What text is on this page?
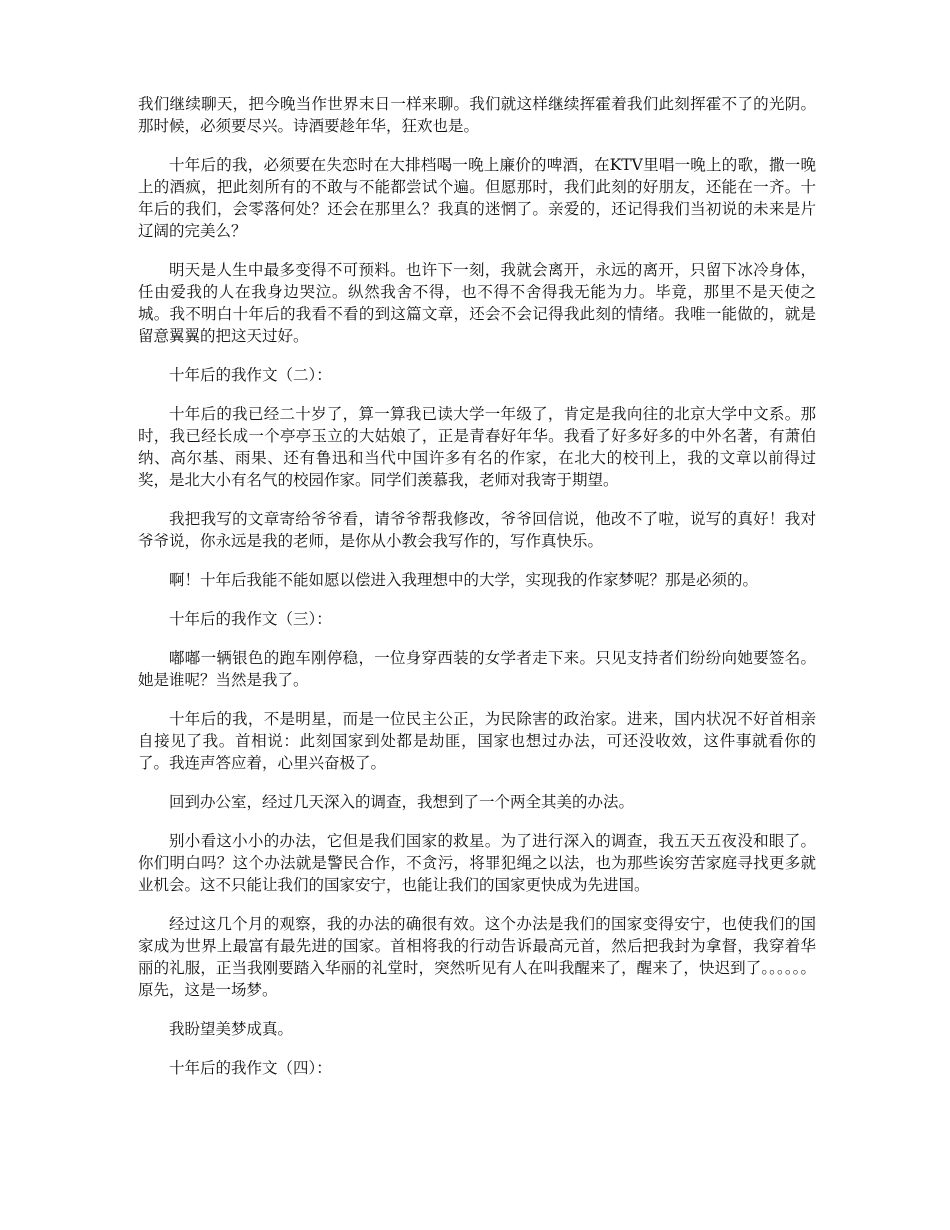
我们继续聊天，把今晚当作世界末日一样来聊。我们就这样继续挥霍着我们此刻挥霍不了的光阴。那时候，必须要尽兴。诗酒要趁年华，狂欢也是。

十年后的我，必须要在失恋时在大排档喝一晚上廉价的啤酒，在KTV里唱一晚上的歌，撒一晚上的酒疯，把此刻所有的不敢与不能都尝试个遍。但愿那时，我们此刻的好朋友，还能在一齐。十年后的我们，会零落何处？还会在那里么？我真的迷惘了。亲爱的，还记得我们当初说的未来是片辽阔的完美么？

明天是人生中最多变得不可预料。也许下一刻，我就会离开，永远的离开，只留下冰冷身体，任由爱我的人在我身边哭泣。纵然我舍不得，也不得不舍得我无能为力。毕竟，那里不是天使之城。我不明白十年后的我看不看的到这篇文章，还会不会记得我此刻的情绪。我唯一能做的，就是留意翼翼的把这天过好。

十年后的我作文（二）：

十年后的我已经二十岁了，算一算我已读大学一年级了，肯定是我向往的北京大学中文系。那时，我已经长成一个亭亭玉立的大姑娘了，正是青春好年华。我看了好多好多的中外名著，有萧伯纳、高尔基、雨果、还有鲁迅和当代中国许多有名的作家，在北大的校刊上，我的文章以前得过奖，是北大小有名气的校园作家。同学们羡慕我，老师对我寄于期望。

我把我写的文章寄给爷爷看，请爷爷帮我修改，爷爷回信说，他改不了啦，说写的真好！我对爷爷说，你永远是我的老师，是你从小教会我写作的，写作真快乐。

啊！十年后我能不能如愿以偿进入我理想中的大学，实现我的作家梦呢？那是必须的。

十年后的我作文（三）：

嘟嘟一辆银色的跑车刚停稳，一位身穿西装的女学者走下来。只见支持者们纷纷向她要签名。她是谁呢？当然是我了。

十年后的我，不是明星，而是一位民主公正，为民除害的政治家。进来，国内状况不好首相亲自接见了我。首相说：此刻国家到处都是劫匪，国家也想过办法，可还没收效，这件事就看你的了。我连声答应着，心里兴奋极了。

回到办公室，经过几天深入的调查，我想到了一个两全其美的办法。

别小看这小小的办法，它但是我们国家的救星。为了进行深入的调查，我五天五夜没和眼了。你们明白吗？这个办法就是警民合作，不贪污，将罪犯绳之以法，也为那些诶穷苦家庭寻找更多就业机会。这不只能让我们的国家安宁，也能让我们的国家更快成为先进国。

经过这几个月的观察，我的办法的确很有效。这个办法是我们的国家变得安宁，也使我们的国家成为世界上最富有最先进的国家。首相将我的行动告诉最高元首，然后把我封为拿督，我穿着华丽的礼服，正当我刚要踏入华丽的礼堂时，突然听见有人在叫我醒来了，醒来了，快迟到了。。。。。。原先，这是一场梦。

我盼望美梦成真。

十年后的我作文（四）：
